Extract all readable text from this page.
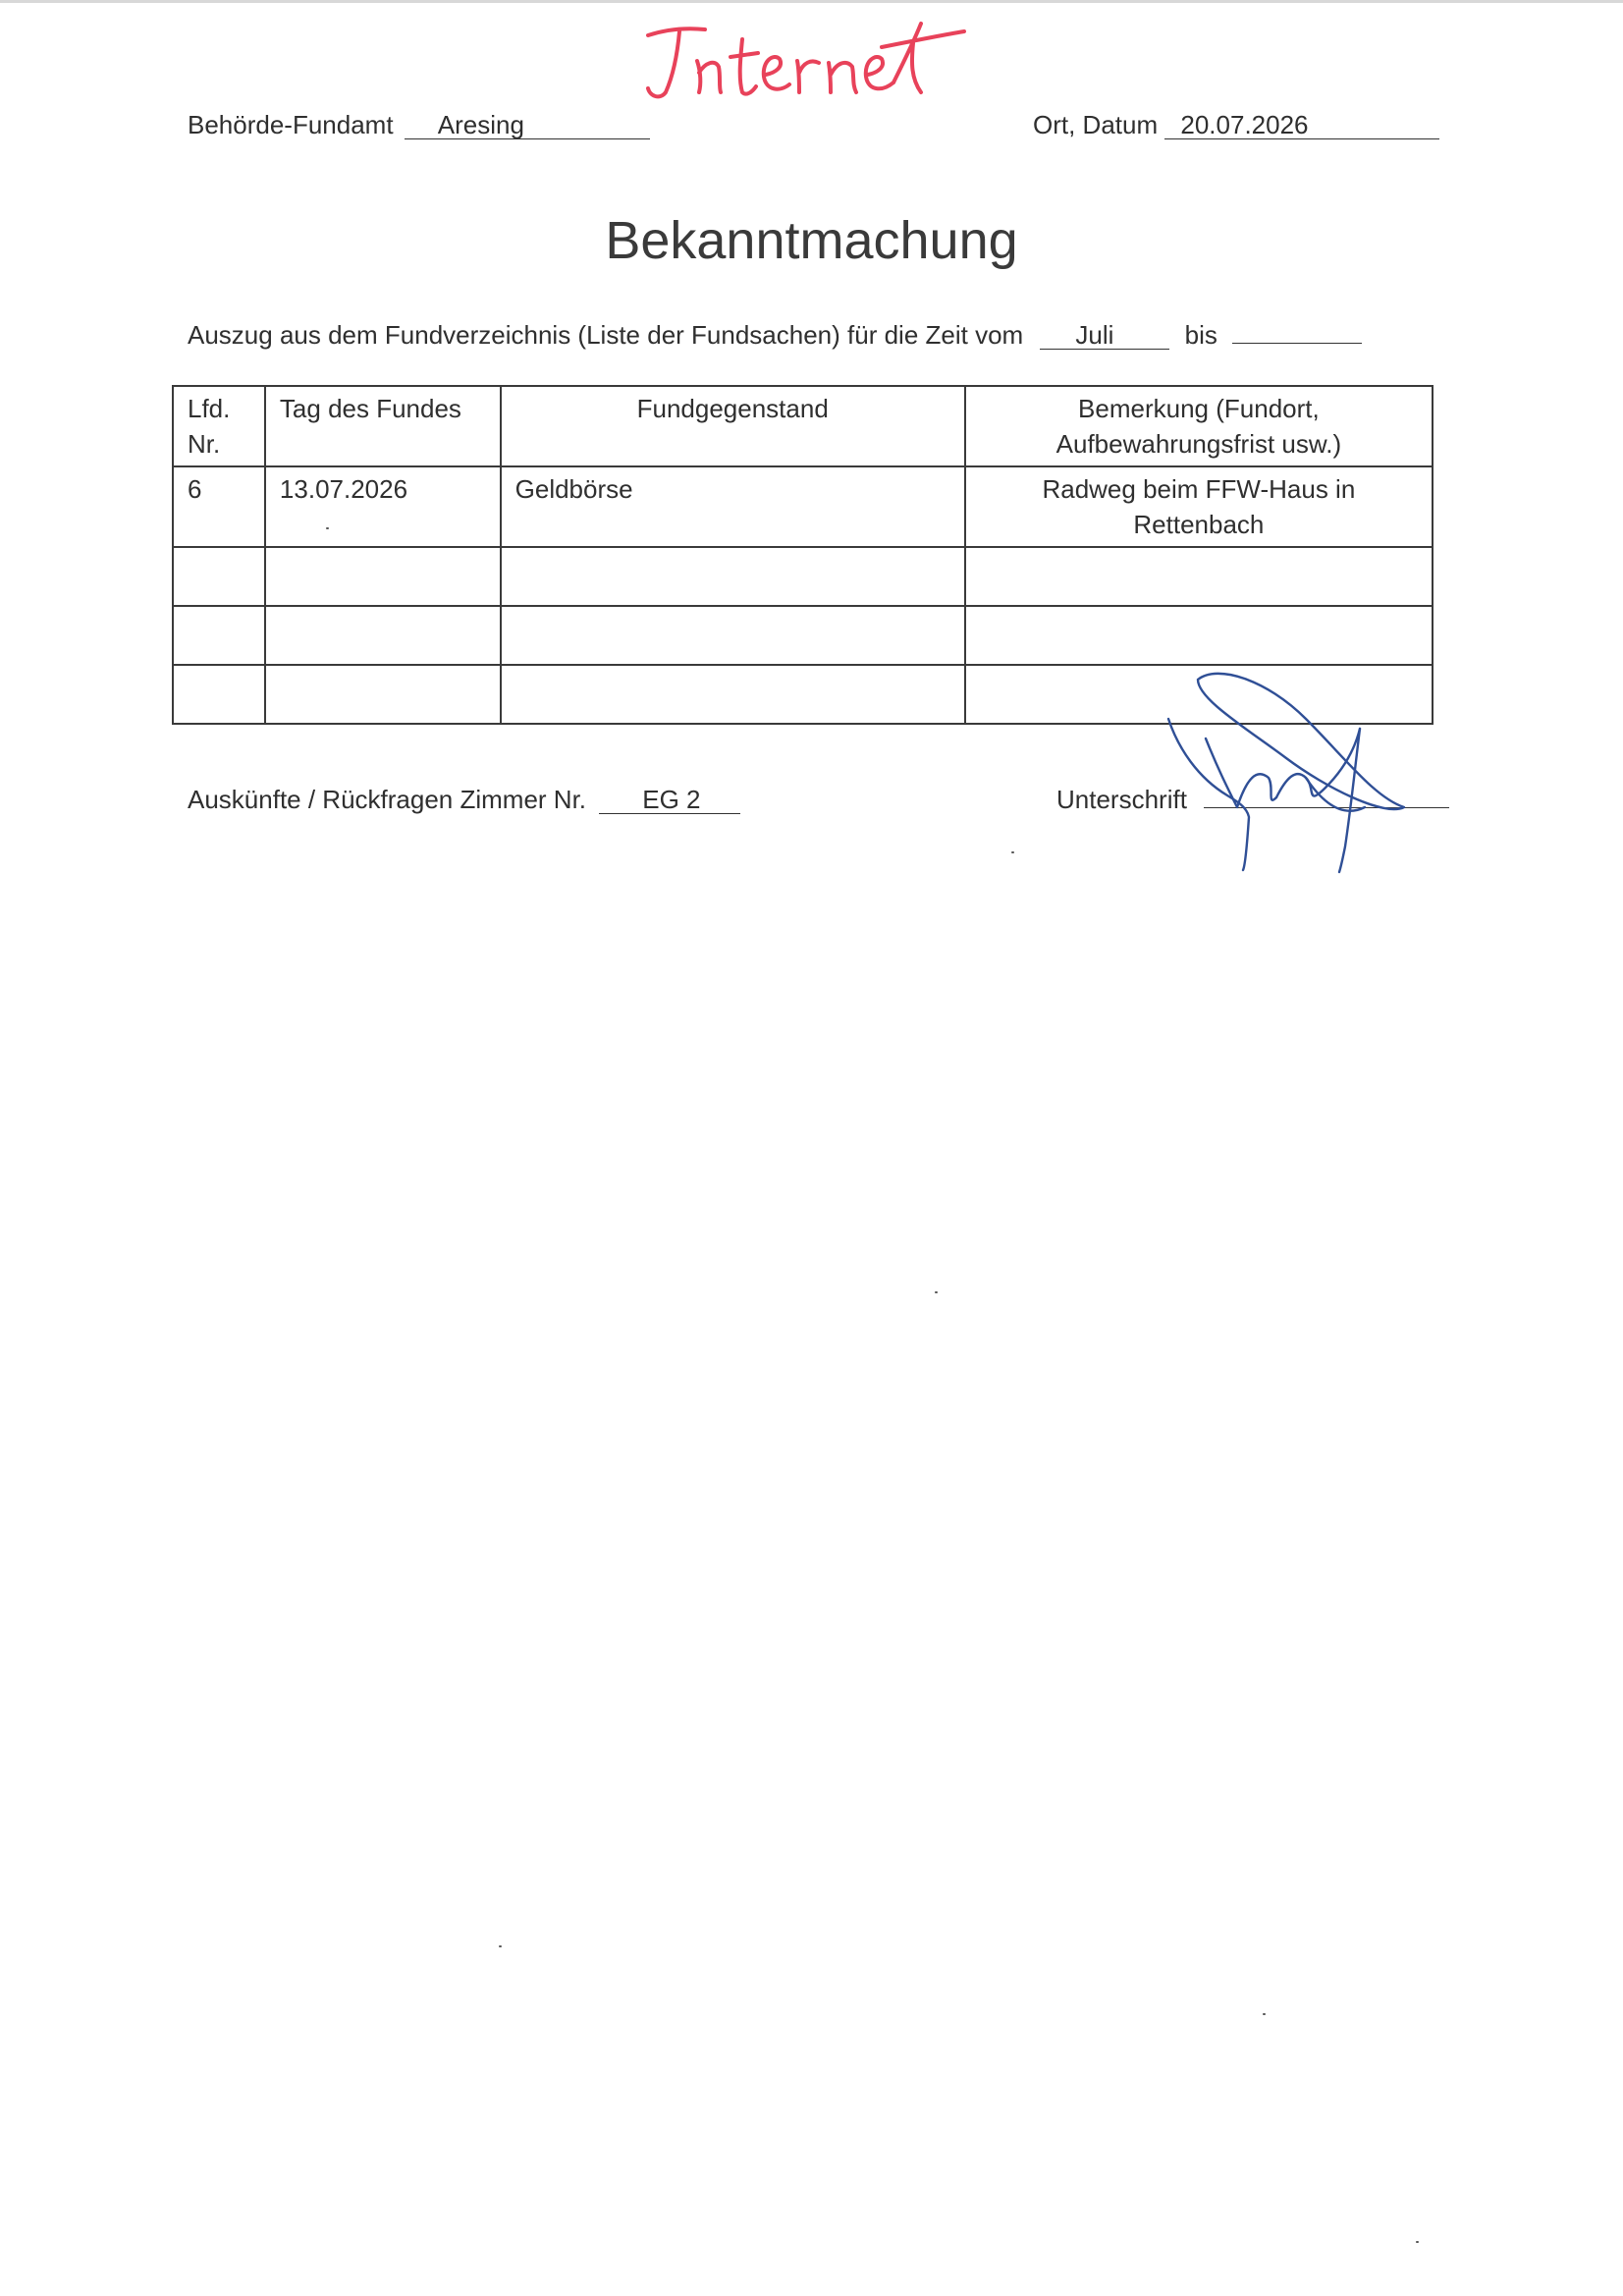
Behörde-Fundamt Aresing	Ort, Datum 20.07.2026
Bekanntmachung
Auszug aus dem Fundverzeichnis (Liste der Fundsachen) für die Zeit vom Juli	bis
Lfd. Nr.	Tag des Fundes	Fundgegenstand	Bemerkung (Fundort, Aufbewahrungsfrist usw.)
6	13.07.2026	Geldbörse	Radweg beim FFW-Haus in Rettenbach

Auskünfte / Rückfragen Zimmer Nr. EG 2	Unterschrift
